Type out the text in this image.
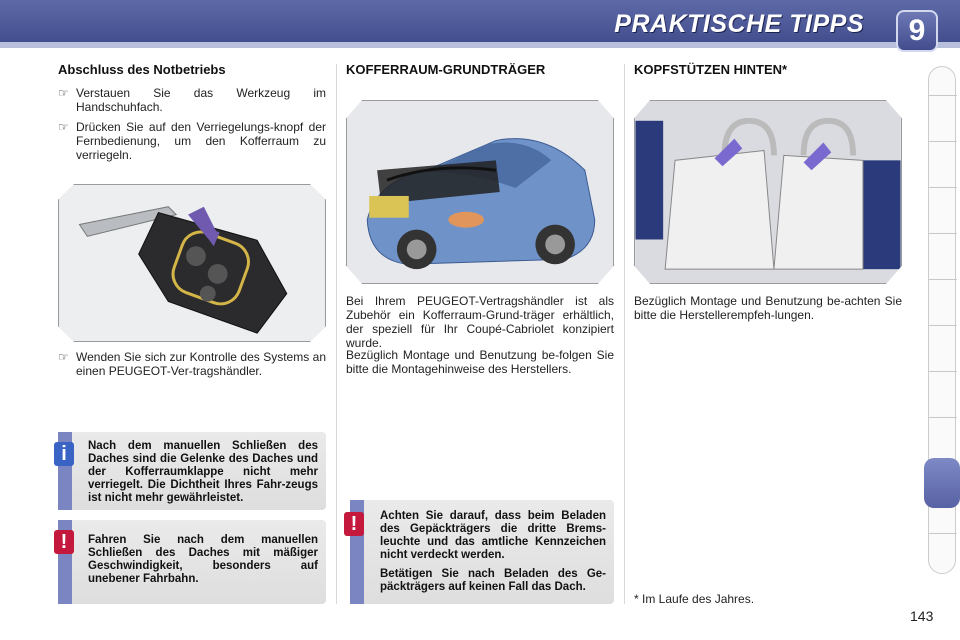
PRAKTISCHE TIPPS	9
Abschluss des Notbetriebs
☞ Verstauen Sie das Werkzeug im Handschuhfach.
☞ Drücken Sie auf den Verriegelungs-knopf der Fernbedienung, um den Kofferraum zu verriegeln.
☞ Wenden Sie sich zur Kontrolle des Systems an einen PEUGEOT-Ver-tragshändler.
Nach dem manuellen Schließen des Daches sind die Gelenke des Daches und der Kofferraumklappe nicht mehr verriegelt. Die Dichtheit Ihres Fahr-zeugs ist nicht mehr gewährleistet.
i
Fahren Sie nach dem manuellen Schließen des Daches mit mäßiger Geschwindigkeit, besonders auf unebener Fahrbahn.
!
KOFFERRAUM-GRUNDTRÄGER
Bei Ihrem PEUGEOT-Vertragshändler ist als Zubehör ein Kofferraum-Grund-träger erhältlich, der speziell für Ihr Coupé-Cabriolet konzipiert wurde.
Bezüglich Montage und Benutzung be-folgen Sie bitte die Montagehinweise des Herstellers.
Achten Sie darauf, dass beim Beladen des Gepäckträgers die dritte Brems-leuchte und das amtliche Kennzeichen nicht verdeckt werden.
Betätigen Sie nach Beladen des Ge-päckträgers auf keinen Fall das Dach.
!
KOPFSTÜTZEN HINTEN*
Bezüglich Montage und Benutzung be-achten Sie bitte die Herstellerempfeh-lungen.
* Im Laufe des Jahres.
143
